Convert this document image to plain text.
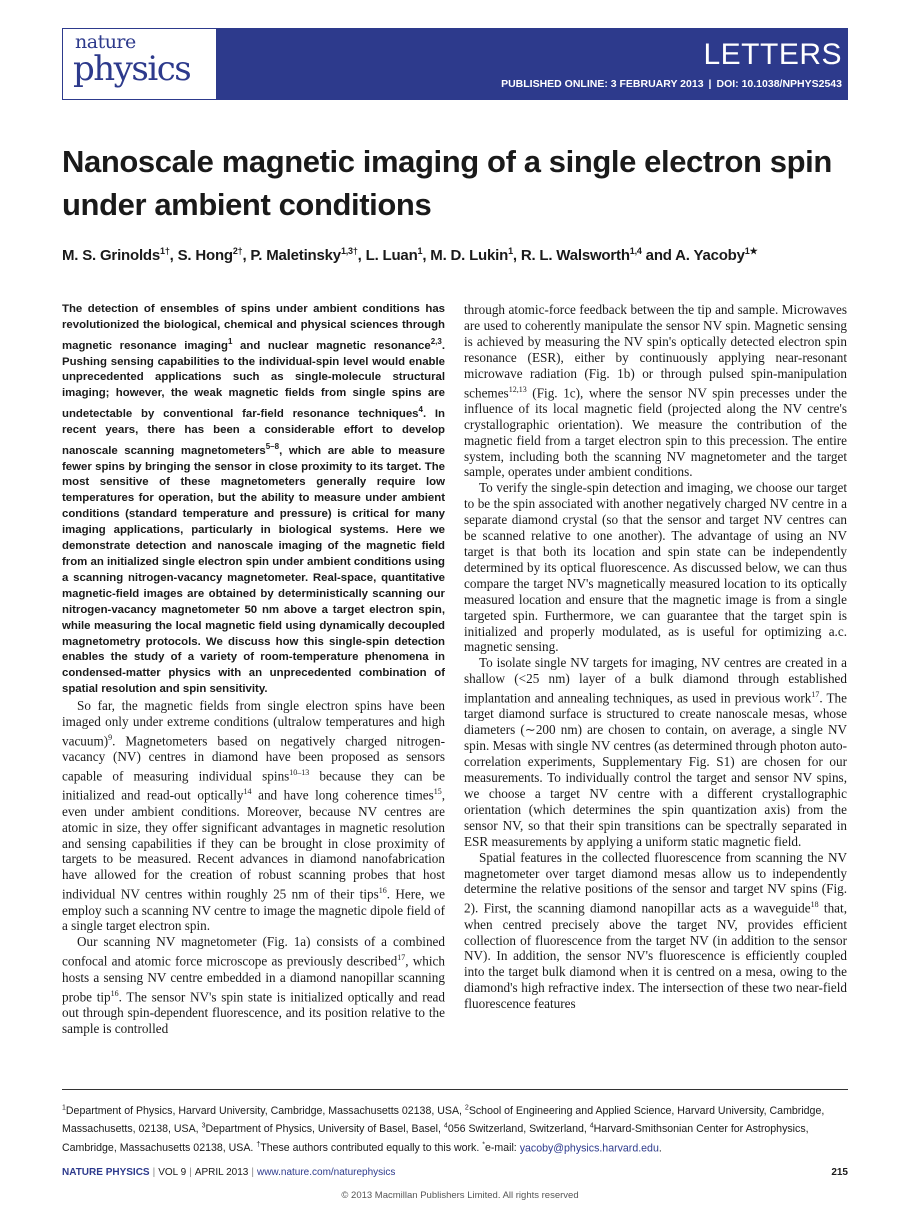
nature
physics	LETTERS
PUBLISHED ONLINE: 3 FEBRUARY 2013 | DOI: 10.1038/NPHYS2543
Nanoscale magnetic imaging of a single electron spin under ambient conditions
M. S. Grinolds$^{1\dagger}$, S. Hong$^{2\dagger}$, P. Maletinsky$^{1,3\dagger}$, L. Luan$^1$, M. D. Lukin$^1$, R. L. Walsworth$^{1,4}$ and A. Yacoby$^{1★}$

The detection of ensembles of spins under ambient conditions has revolutionized the biological, chemical and physical sciences through magnetic resonance imaging$^1$ and nuclear magnetic resonance$^{2,3}$. Pushing sensing capabilities to the individual-spin level would enable unprecedented applications such as single-molecule structural imaging; however, the weak magnetic fields from single spins are undetectable by conventional far-field resonance techniques$^4$. In recent years, there has been a considerable effort to develop nanoscale scanning magnetometers$^{5-8}$, which are able to measure fewer spins by bringing the sensor in close proximity to its target. The most sensitive of these magnetometers generally require low temperatures for operation, but the ability to measure under ambient conditions (standard temperature and pressure) is critical for many imaging applications, particularly in biological systems. Here we demonstrate detection and nanoscale imaging of the magnetic field from an initialized single electron spin under ambient conditions using a scanning nitrogen-vacancy magnetometer. Real-space, quantitative magnetic-field images are obtained by deterministically scanning our nitrogen-vacancy magnetometer 50 nm above a target electron spin, while measuring the local magnetic field using dynamically decoupled magnetometry protocols. We discuss how this single-spin detection enables the study of a variety of room-temperature phenomena in condensed-matter physics with an unprecedented combination of spatial resolution and spin sensitivity.

So far, the magnetic fields from single electron spins have been imaged only under extreme conditions (ultralow temperatures and high vacuum)$^9$. Magnetometers based on negatively charged nitrogen-vacancy (NV) centres in diamond have been proposed as sensors capable of measuring individual spins$^{10-13}$ because they can be initialized and read-out optically$^{14}$ and have long coherence times$^{15}$, even under ambient conditions. Moreover, because NV centres are atomic in size, they offer significant advantages in magnetic resolution and sensing capabilities if they can be brought in close proximity of targets to be measured. Recent advances in diamond nanofabrication have allowed for the creation of robust scanning probes that host individual NV centres within roughly 25 nm of their tips$^{16}$. Here, we employ such a scanning NV centre to image the magnetic dipole field of a single target electron spin.

Our scanning NV magnetometer (Fig. 1a) consists of a combined confocal and atomic force microscope as previously described$^{17}$, which hosts a sensing NV centre embedded in a diamond nanopillar scanning probe tip$^{16}$. The sensor NV's spin state is initialized optically and read out through spin-dependent fluorescence, and its position relative to the sample is controlled

through atomic-force feedback between the tip and sample. Microwaves are used to coherently manipulate the sensor NV spin. Magnetic sensing is achieved by measuring the NV spin's optically detected electron spin resonance (ESR), either by continuously applying near-resonant microwave radiation (Fig. 1b) or through pulsed spin-manipulation schemes$^{12,13}$ (Fig. 1c), where the sensor NV spin precesses under the influence of its local magnetic field (projected along the NV centre's crystallographic orientation). We measure the contribution of the magnetic field from a target electron spin to this precession. The entire system, including both the scanning NV magnetometer and the target sample, operates under ambient conditions.

To verify the single-spin detection and imaging, we choose our target to be the spin associated with another negatively charged NV centre in a separate diamond crystal (so that the sensor and target NV centres can be scanned relative to one another). The advantage of using an NV target is that both its location and spin state can be independently determined by its optical fluorescence. As discussed below, we can thus compare the target NV's magnetically measured location to its optically measured location and ensure that the magnetic image is from a single targeted spin. Furthermore, we can guarantee that the target spin is initialized and properly modulated, as is useful for optimizing a.c. magnetic sensing.

To isolate single NV targets for imaging, NV centres are created in a shallow (<25 nm) layer of a bulk diamond through established implantation and annealing techniques, as used in previous work$^{17}$. The target diamond surface is structured to create nanoscale mesas, whose diameters (∼200 nm) are chosen to contain, on average, a single NV spin. Mesas with single NV centres (as determined through photon auto-correlation experiments, Supplementary Fig. S1) are chosen for our measurements. To individually control the target and sensor NV spins, we choose a target NV centre with a different crystallographic orientation (which determines the spin quantization axis) from the sensor NV, so that their spin transitions can be spectrally separated in ESR measurements by applying a uniform static magnetic field.

Spatial features in the collected fluorescence from scanning the NV magnetometer over target diamond mesas allow us to independently determine the relative positions of the sensor and target NV spins (Fig. 2). First, the scanning diamond nanopillar acts as a waveguide$^{18}$ that, when centred precisely above the target NV, provides efficient collection of fluorescence from the target NV (in addition to the sensor NV). In addition, the sensor NV's fluorescence is efficiently coupled into the target bulk diamond when it is centred on a mesa, owing to the diamond's high refractive index. The intersection of these two near-field fluorescence features

$^1$Department of Physics, Harvard University, Cambridge, Massachusetts 02138, USA, $^2$School of Engineering and Applied Science, Harvard University, Cambridge, Massachusetts, 02138, USA, $^3$Department of Physics, University of Basel, Basel, $^4$056 Switzerland, Switzerland, $^4$Harvard-Smithsonian Center for Astrophysics, Cambridge, Massachusetts 02138, USA. †These authors contributed equally to this work. *e-mail: yacoby@physics.harvard.edu.
NATURE PHYSICS | VOL 9 | APRIL 2013 | www.nature.com/naturephysics	215
© 2013 Macmillan Publishers Limited. All rights reserved
